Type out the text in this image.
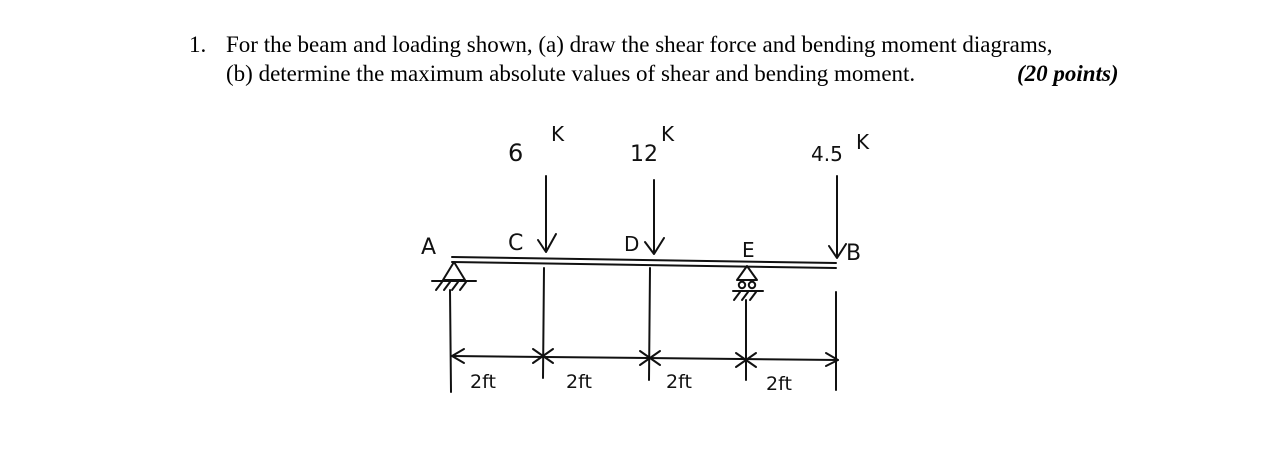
1. For the beam and loading shown, (a) draw the shear force and bending moment diagrams,
(b) determine the maximum absolute values of shear and bending moment.	(20 points)
6
K
12
K
4.5 K
A	C	D	E	B
2ft	2ft	2ft	2ft
